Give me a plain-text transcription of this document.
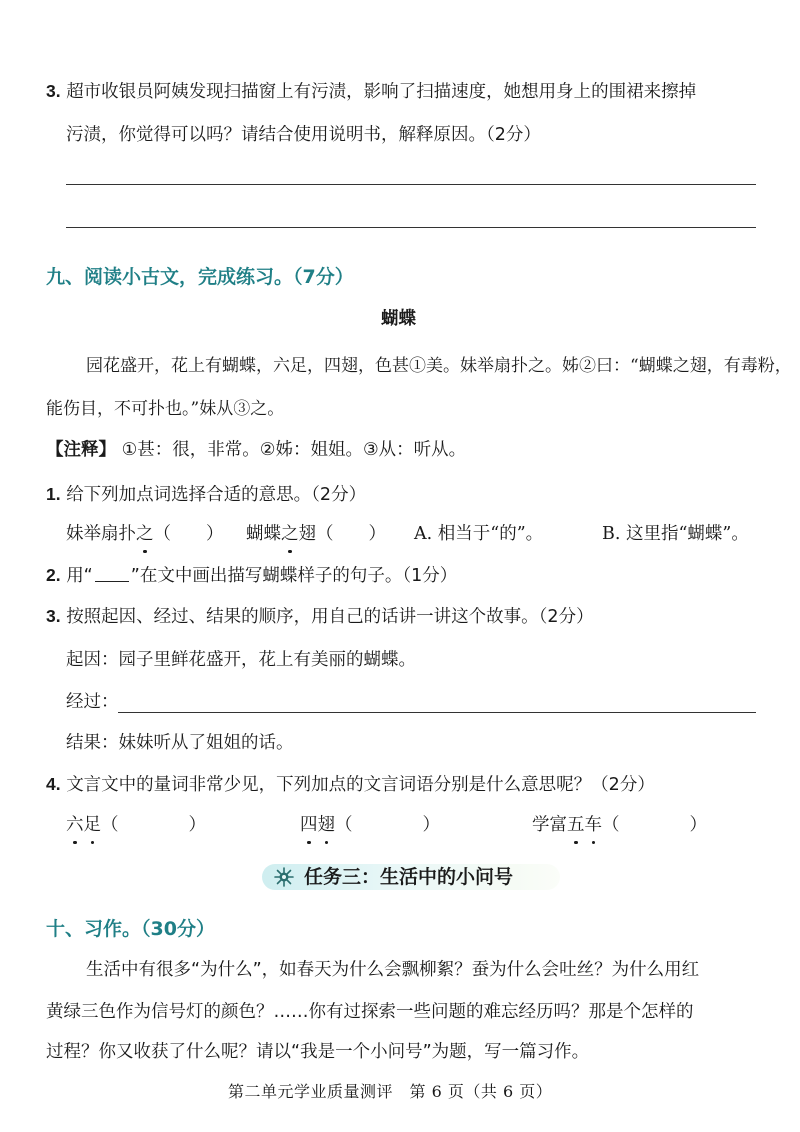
3. 超市收银员阿姨发现扫描窗上有污渍，影响了扫描速度，她想用身上的围裙来擦掉
污渍，你觉得可以吗？请结合使用说明书，解释原因。（2分）
九、阅读小古文，完成练习。（7分）
蝴蝶
园花盛开，花上有蝴蝶，六足，四翅，色甚①美。妹举扇扑之。姊②曰：“蝴蝶之翅，有毒粉，
能伤目，不可扑也。”妹从③之。
【注释】 ①甚：很，非常。②姊：姐姐。③从：听从。
1. 给下列加点词选择合适的意思。（2分）
妹举扇扑之（　　） 蝴蝶之翅（　　） A. 相当于“的”。	B. 这里指“蝴蝶”。
2. 用“ ”在文中画出描写蝴蝶样子的句子。（1分）
3. 按照起因、经过、结果的顺序，用自己的话讲一讲这个故事。（2分）
起因：园子里鲜花盛开，花上有美丽的蝴蝶。
经过：
结果：妹妹听从了姐姐的话。
4. 文言文中的量词非常少见，下列加点的文言词语分别是什么意思呢？（2分）
六足（　　　　）	四翅（　　　　）	学富五车（　　　　）
任务三：生活中的小问号
十、习作。（30分）
生活中有很多“为什么”，如春天为什么会飘柳絮？蚕为什么会吐丝？为什么用红
黄绿三色作为信号灯的颜色？……你有过探索一些问题的难忘经历吗？那是个怎样的
过程？你又收获了什么呢？请以“我是一个小问号”为题，写一篇习作。
第二单元学业质量测评　第 6 页（共 6 页）
